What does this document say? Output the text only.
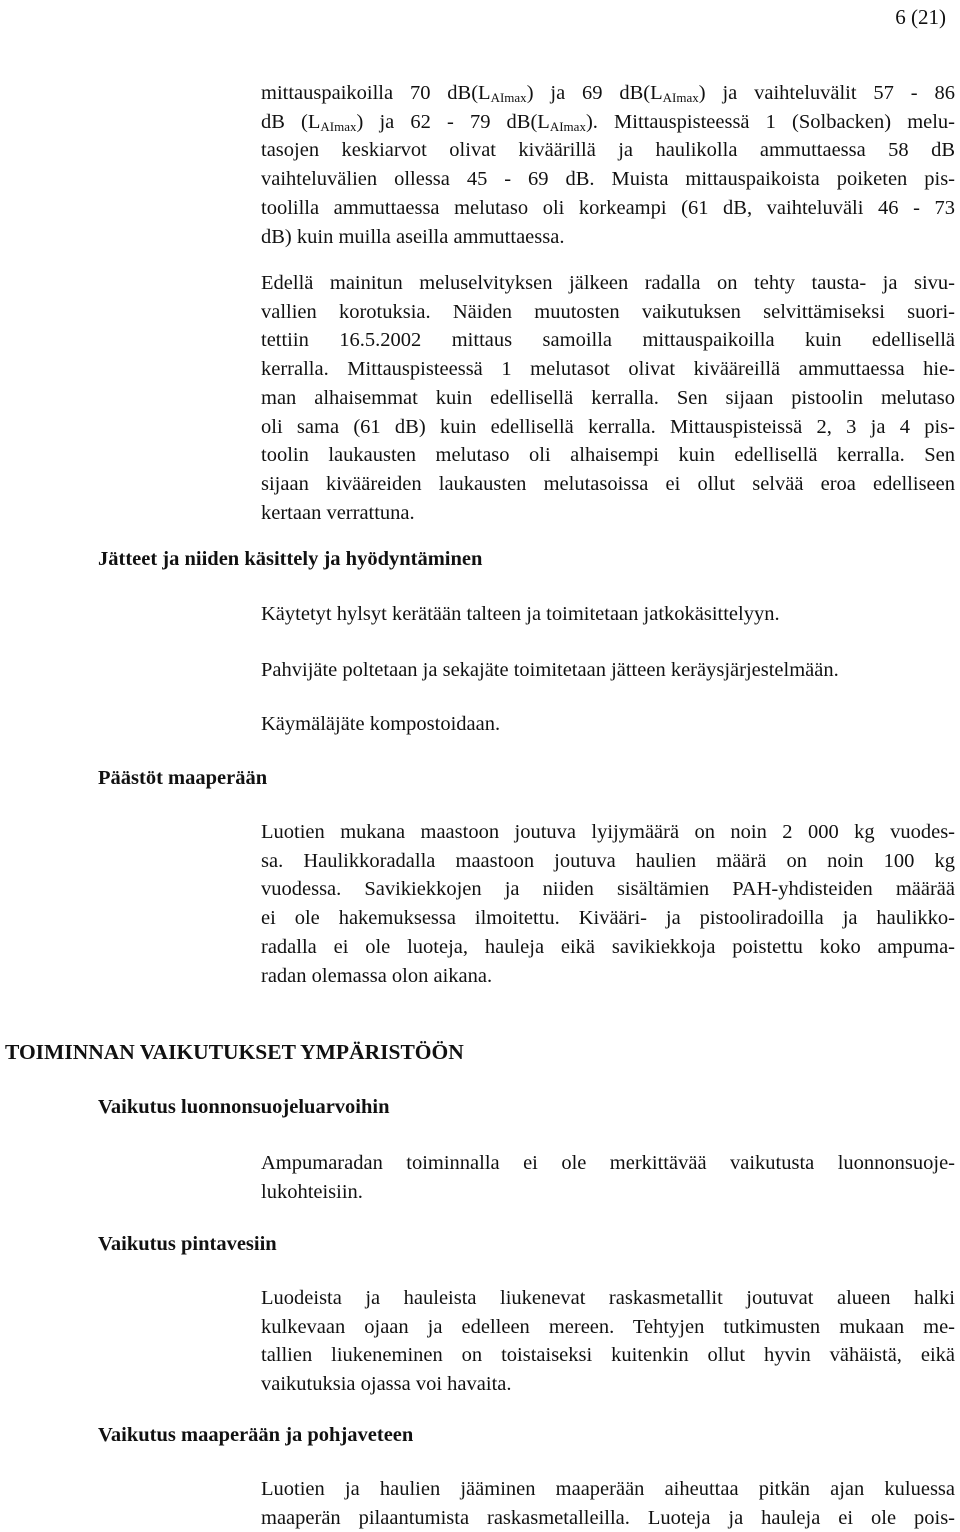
6 (21)
mittauspaikoilla 70 $dB(L_{AImax})$ ja 69 $dB(L_{AImax})$ ja vaihteluvälit 57 - 86
dB $(L_{AImax})$ ja 62 - 79 $dB(L_{AImax})$. Mittauspisteessä 1 (Solbacken) melu-
tasojen keskiarvot olivat kiväärillä ja haulikolla ammuttaessa 58 dB
vaihteluvälien ollessa 45 - 69 dB. Muista mittauspaikoista poiketen pis-
toolilla ammuttaessa melutaso oli korkeampi (61 dB, vaihteluväli 46 - 73
dB) kuin muilla aseilla ammuttaessa.
Edellä mainitun meluselvityksen jälkeen radalla on tehty tausta- ja sivu-
vallien korotuksia. Näiden muutosten vaikutuksen selvittämiseksi suori-
tettiin 16.5.2002 mittaus samoilla mittauspaikoilla kuin edellisellä
kerralla. Mittauspisteessä 1 melutasot olivat kivääreillä ammuttaessa hie-
man alhaisemmat kuin edellisellä kerralla. Sen sijaan pistoolin melutaso
oli sama (61 dB) kuin edellisellä kerralla. Mittauspisteissä 2, 3 ja 4 pis-
toolin laukausten melutaso oli alhaisempi kuin edellisellä kerralla. Sen
sijaan kivääreiden laukausten melutasoissa ei ollut selvää eroa edelliseen
kertaan verrattuna.
Jätteet ja niiden käsittely ja hyödyntäminen
Käytetyt hylsyt kerätään talteen ja toimitetaan jatkokäsittelyyn.
Pahvijäte poltetaan ja sekajäte toimitetaan jätteen keräysjärjestelmään.
Käymäläjäte kompostoidaan.
Päästöt maaperään
Luotien mukana maastoon joutuva lyijymäärä on noin 2 000 kg vuodes-
sa. Haulikkoradalla maastoon joutuva haulien määrä on noin 100 kg
vuodessa. Savikiekkojen ja niiden sisältämien PAH-yhdisteiden määrää
ei ole hakemuksessa ilmoitettu. Kivääri- ja pistooliradoilla ja haulikko-
radalla ei ole luoteja, hauleja eikä savikiekkoja poistettu koko ampuma-
radan olemassa olon aikana.
TOIMINNAN VAIKUTUKSET YMPÄRISTÖÖN
Vaikutus luonnonsuojeluarvoihin
Ampumaradan toiminnalla ei ole merkittävää vaikutusta luonnonsuoje-
lukohteisiin.
Vaikutus pintavesiin
Luodeista ja hauleista liukenevat raskasmetallit joutuvat alueen halki
kulkevaan ojaan ja edelleen mereen. Tehtyjen tutkimusten mukaan me-
tallien liukeneminen on toistaiseksi kuitenkin ollut hyvin vähäistä, eikä
vaikutuksia ojassa voi havaita.
Vaikutus maaperään ja pohjaveteen
Luotien ja haulien jääminen maaperään aiheuttaa pitkän ajan kuluessa
maaperän pilaantumista raskasmetalleilla. Luoteja ja hauleja ei ole pois-
